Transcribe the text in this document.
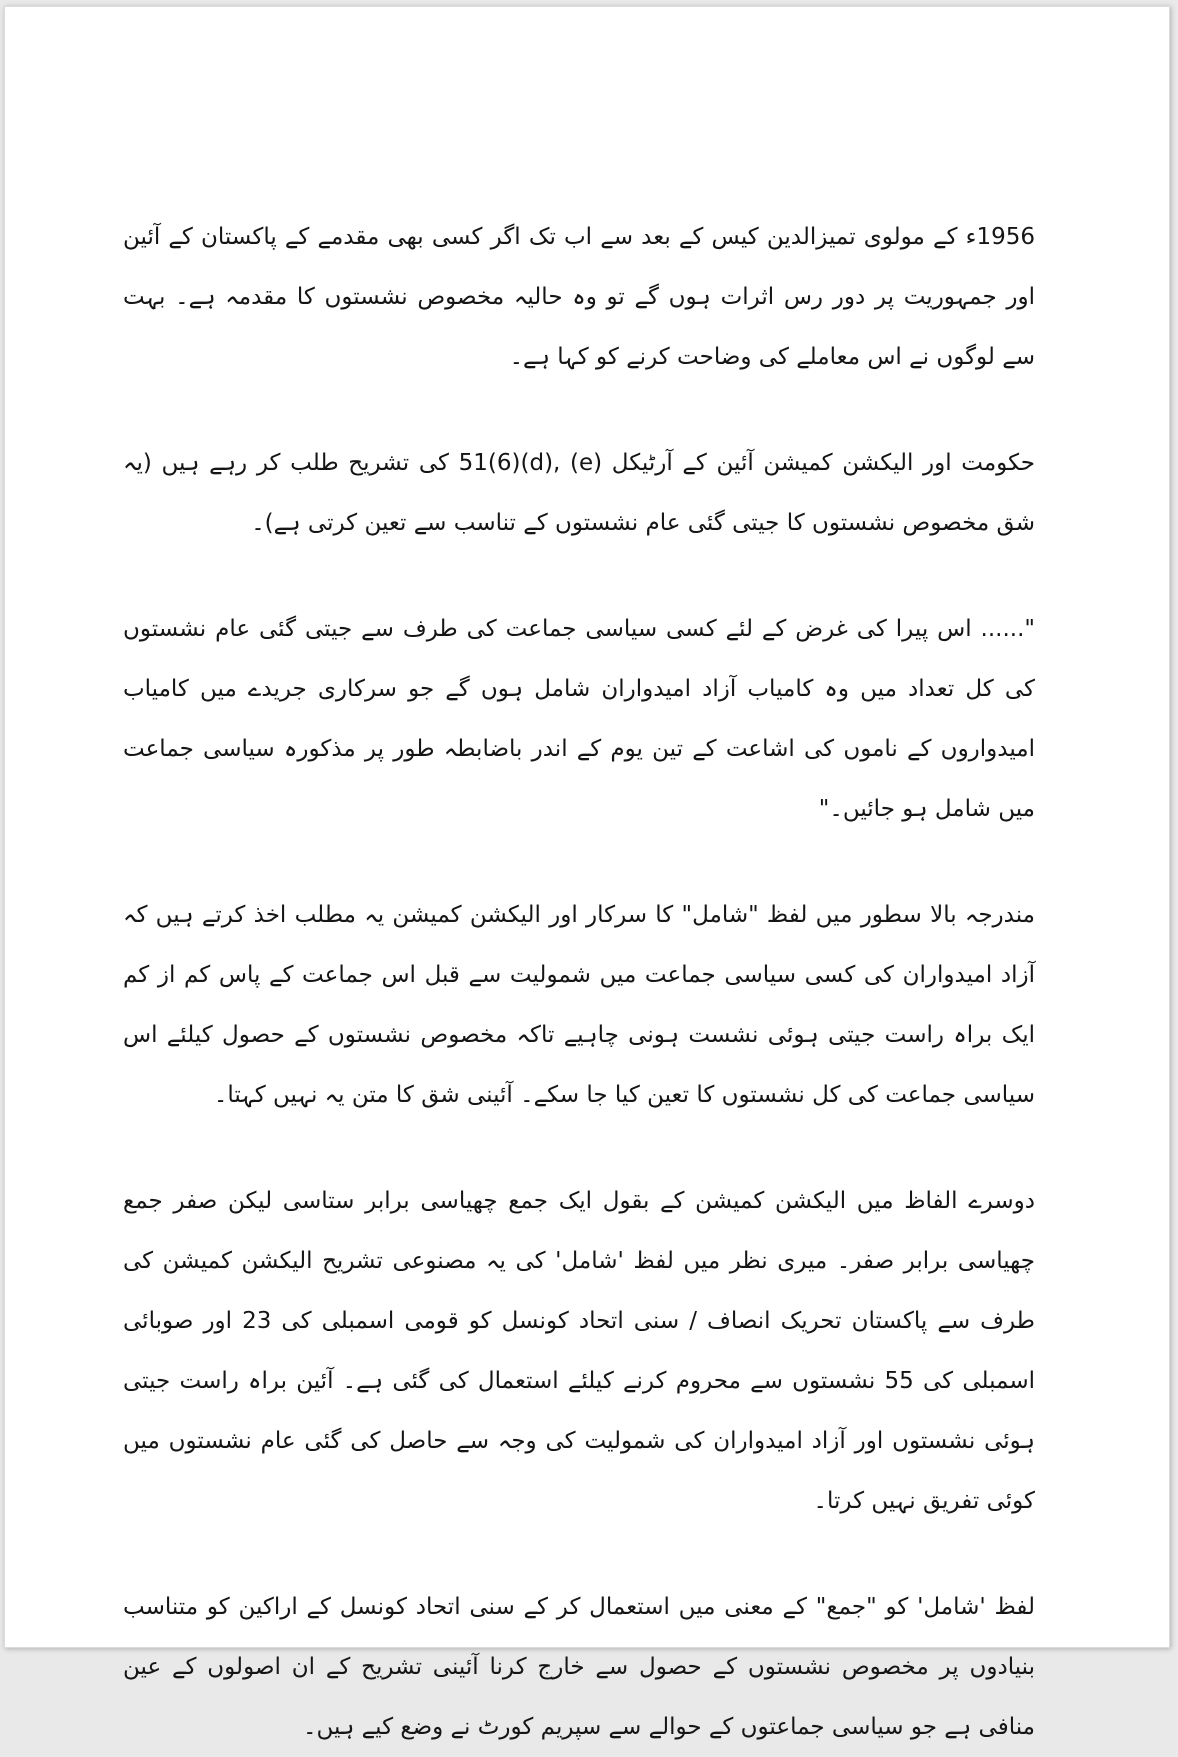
1956ء کے مولوی تمیزالدین کیس کے بعد سے اب تک اگر کسی بھی مقدمے کے پاکستان کے آئین اور جمہوریت پر دور رس اثرات ہوں گے تو وہ حالیہ مخصوص نشستوں کا مقدمہ ہے۔ بہت سے لوگوں نے اس معاملے کی وضاحت کرنے کو کہا ہے۔

حکومت اور الیکشن کمیشن آئین کے آرٹیکل (e) ,(d)(6)51 کی تشریح طلب کر رہے ہیں (یہ شق مخصوص نشستوں کا جیتی گئی عام نشستوں کے تناسب سے تعین کرتی ہے)۔

"...... اس پیرا کی غرض کے لئے کسی سیاسی جماعت کی طرف سے جیتی گئی عام نشستوں کی کل تعداد میں وہ کامیاب آزاد امیدواران شامل ہوں گے جو سرکاری جریدے میں کامیاب امیدواروں کے ناموں کی اشاعت کے تین یوم کے اندر باضابطہ طور پر مذکورہ سیاسی جماعت میں شامل ہو جائیں۔"

مندرجہ بالا سطور میں لفظ "شامل" کا سرکار اور الیکشن کمیشن یہ مطلب اخذ کرتے ہیں کہ آزاد امیدواران کی کسی سیاسی جماعت میں شمولیت سے قبل اس جماعت کے پاس کم از کم ایک براہ راست جیتی ہوئی نشست ہونی چاہیے تاکہ مخصوص نشستوں کے حصول کیلئے اس سیاسی جماعت کی کل نشستوں کا تعین کیا جا سکے۔ آئینی شق کا متن یہ نہیں کہتا۔

دوسرے الفاظ میں الیکشن کمیشن کے بقول ایک جمع چھیاسی برابر ستاسی لیکن صفر جمع چھیاسی برابر صفر۔ میری نظر میں لفظ 'شامل' کی یہ مصنوعی تشریح الیکشن کمیشن کی طرف سے پاکستان تحریک انصاف / سنی اتحاد کونسل کو قومی اسمبلی کی 23 اور صوبائی اسمبلی کی 55 نشستوں سے محروم کرنے کیلئے استعمال کی گئی ہے۔ آئین براہ راست جیتی ہوئی نشستوں اور آزاد امیدواران کی شمولیت کی وجہ سے حاصل کی گئی عام نشستوں میں کوئی تفریق نہیں کرتا۔

لفظ 'شامل' کو "جمع" کے معنی میں استعمال کر کے سنی اتحاد کونسل کے اراکین کو متناسب بنیادوں پر مخصوص نشستوں کے حصول سے خارج کرنا آئینی تشریح کے ان اصولوں کے عین منافی ہے جو سیاسی جماعتوں کے حوالے سے سپریم کورٹ نے وضع کیے ہیں۔
